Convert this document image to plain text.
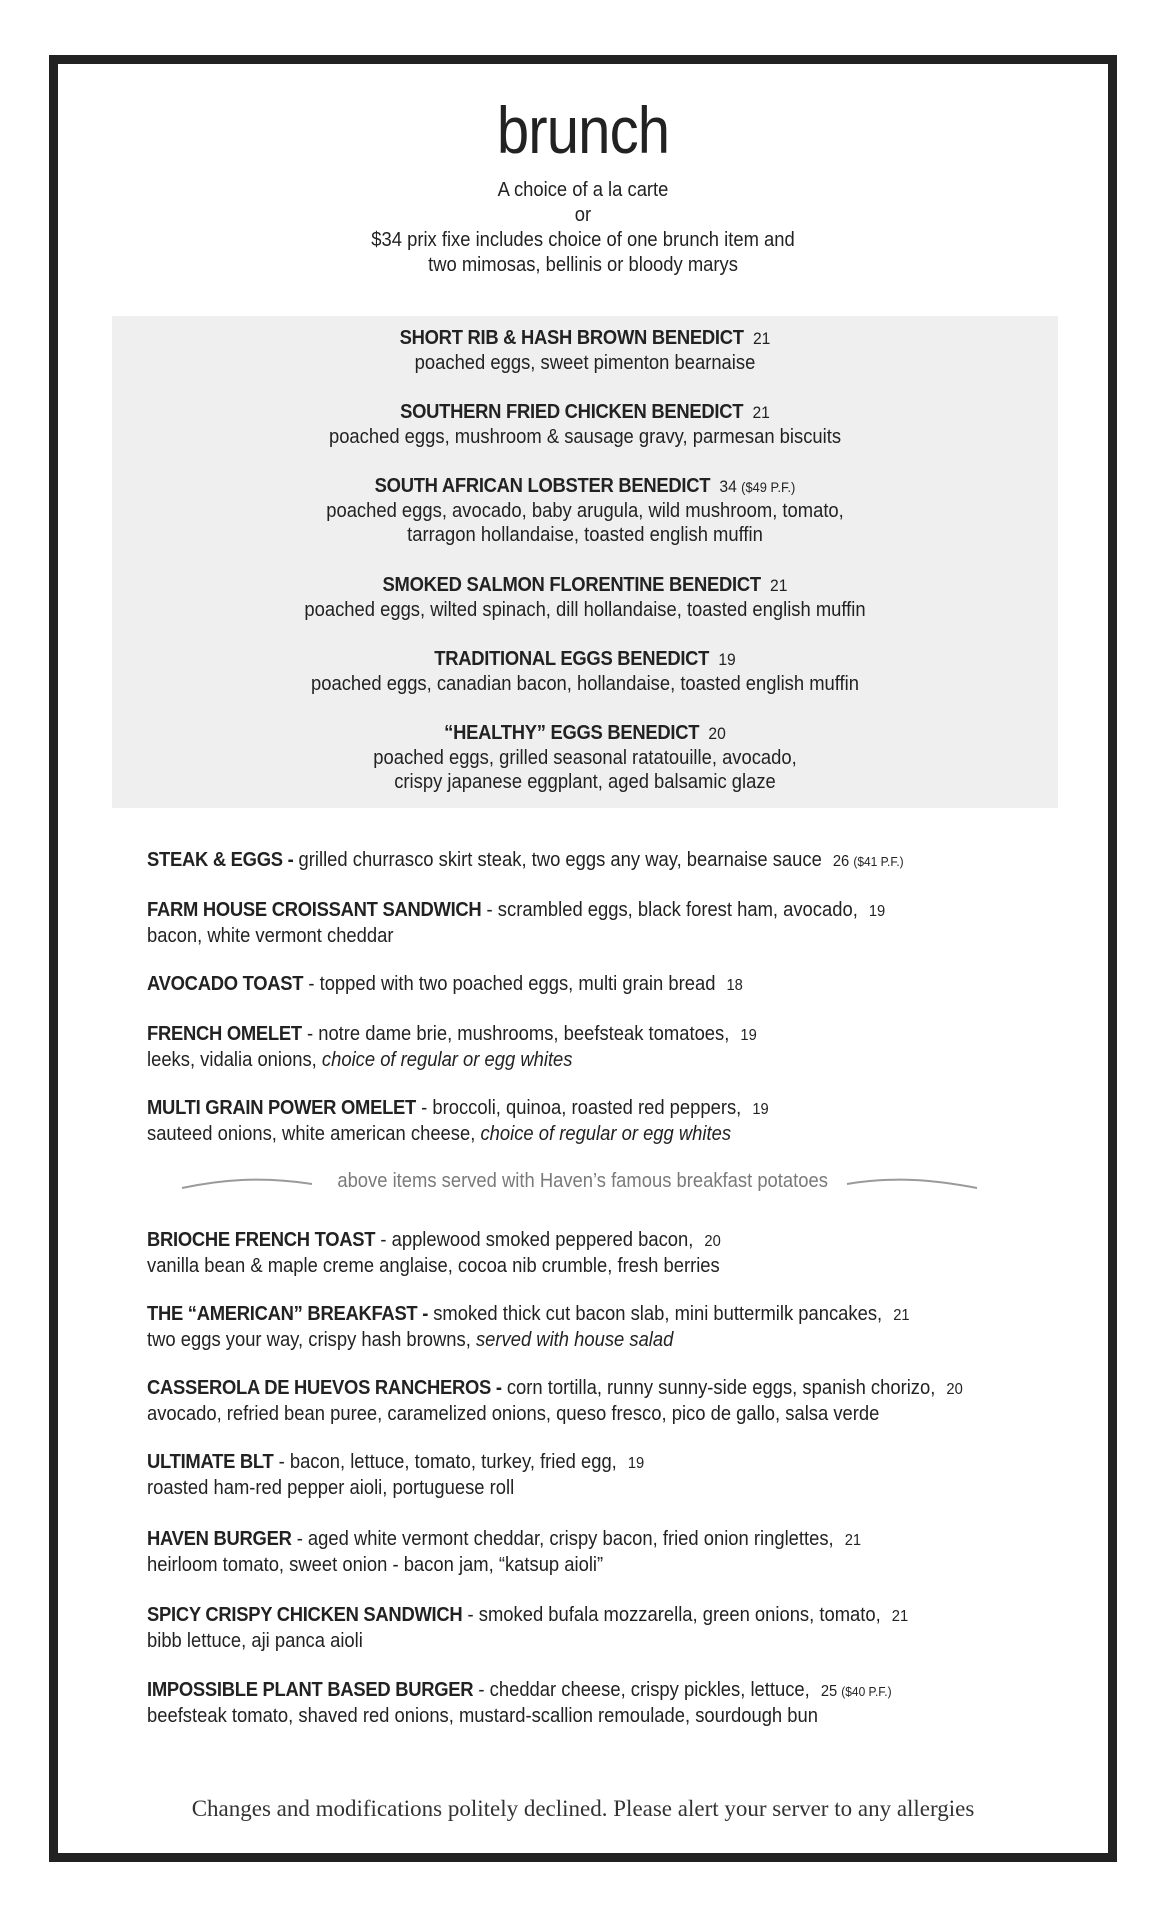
brunch
A choice of a la carte
or
$34 prix fixe includes choice of one brunch item and
two mimosas, bellinis or bloody marys
SHORT RIB & HASH BROWN BENEDICT 21
poached eggs, sweet pimenton bearnaise
SOUTHERN FRIED CHICKEN BENEDICT 21
poached eggs, mushroom & sausage gravy, parmesan biscuits
SOUTH AFRICAN LOBSTER BENEDICT 34 ($49 P.F.)
poached eggs, avocado, baby arugula, wild mushroom, tomato,
tarragon hollandaise, toasted english muffin
SMOKED SALMON FLORENTINE BENEDICT 21
poached eggs, wilted spinach, dill hollandaise, toasted english muffin
TRADITIONAL EGGS BENEDICT 19
poached eggs, canadian bacon, hollandaise, toasted english muffin
“HEALTHY” EGGS BENEDICT 20
poached eggs, grilled seasonal ratatouille, avocado,
crispy japanese eggplant, aged balsamic glaze
STEAK & EGGS - grilled churrasco skirt steak, two eggs any way, bearnaise sauce 26 ($41 P.F.)
FARM HOUSE CROISSANT SANDWICH - scrambled eggs, black forest ham, avocado, 19
bacon, white vermont cheddar
AVOCADO TOAST - topped with two poached eggs, multi grain bread 18
FRENCH OMELET - notre dame brie, mushrooms, beefsteak tomatoes, 19
leeks, vidalia onions, choice of regular or egg whites
MULTI GRAIN POWER OMELET - broccoli, quinoa, roasted red peppers, 19
sauteed onions, white american cheese, choice of regular or egg whites
above items served with Haven’s famous breakfast potatoes
BRIOCHE FRENCH TOAST - applewood smoked peppered bacon, 20
vanilla bean & maple creme anglaise, cocoa nib crumble, fresh berries
THE “AMERICAN” BREAKFAST - smoked thick cut bacon slab, mini buttermilk pancakes, 21
two eggs your way, crispy hash browns, served with house salad
CASSEROLA DE HUEVOS RANCHEROS - corn tortilla, runny sunny-side eggs, spanish chorizo, 20
avocado, refried bean puree, caramelized onions, queso fresco, pico de gallo, salsa verde
ULTIMATE BLT - bacon, lettuce, tomato, turkey, fried egg, 19
roasted ham-red pepper aioli, portuguese roll
HAVEN BURGER - aged white vermont cheddar, crispy bacon, fried onion ringlettes, 21
heirloom tomato, sweet onion - bacon jam, “katsup aioli”
SPICY CRISPY CHICKEN SANDWICH - smoked bufala mozzarella, green onions, tomato, 21
bibb lettuce, aji panca aioli
IMPOSSIBLE PLANT BASED BURGER - cheddar cheese, crispy pickles, lettuce, 25 ($40 P.F.)
beefsteak tomato, shaved red onions, mustard-scallion remoulade, sourdough bun
Changes and modifications politely declined. Please alert your server to any allergies
